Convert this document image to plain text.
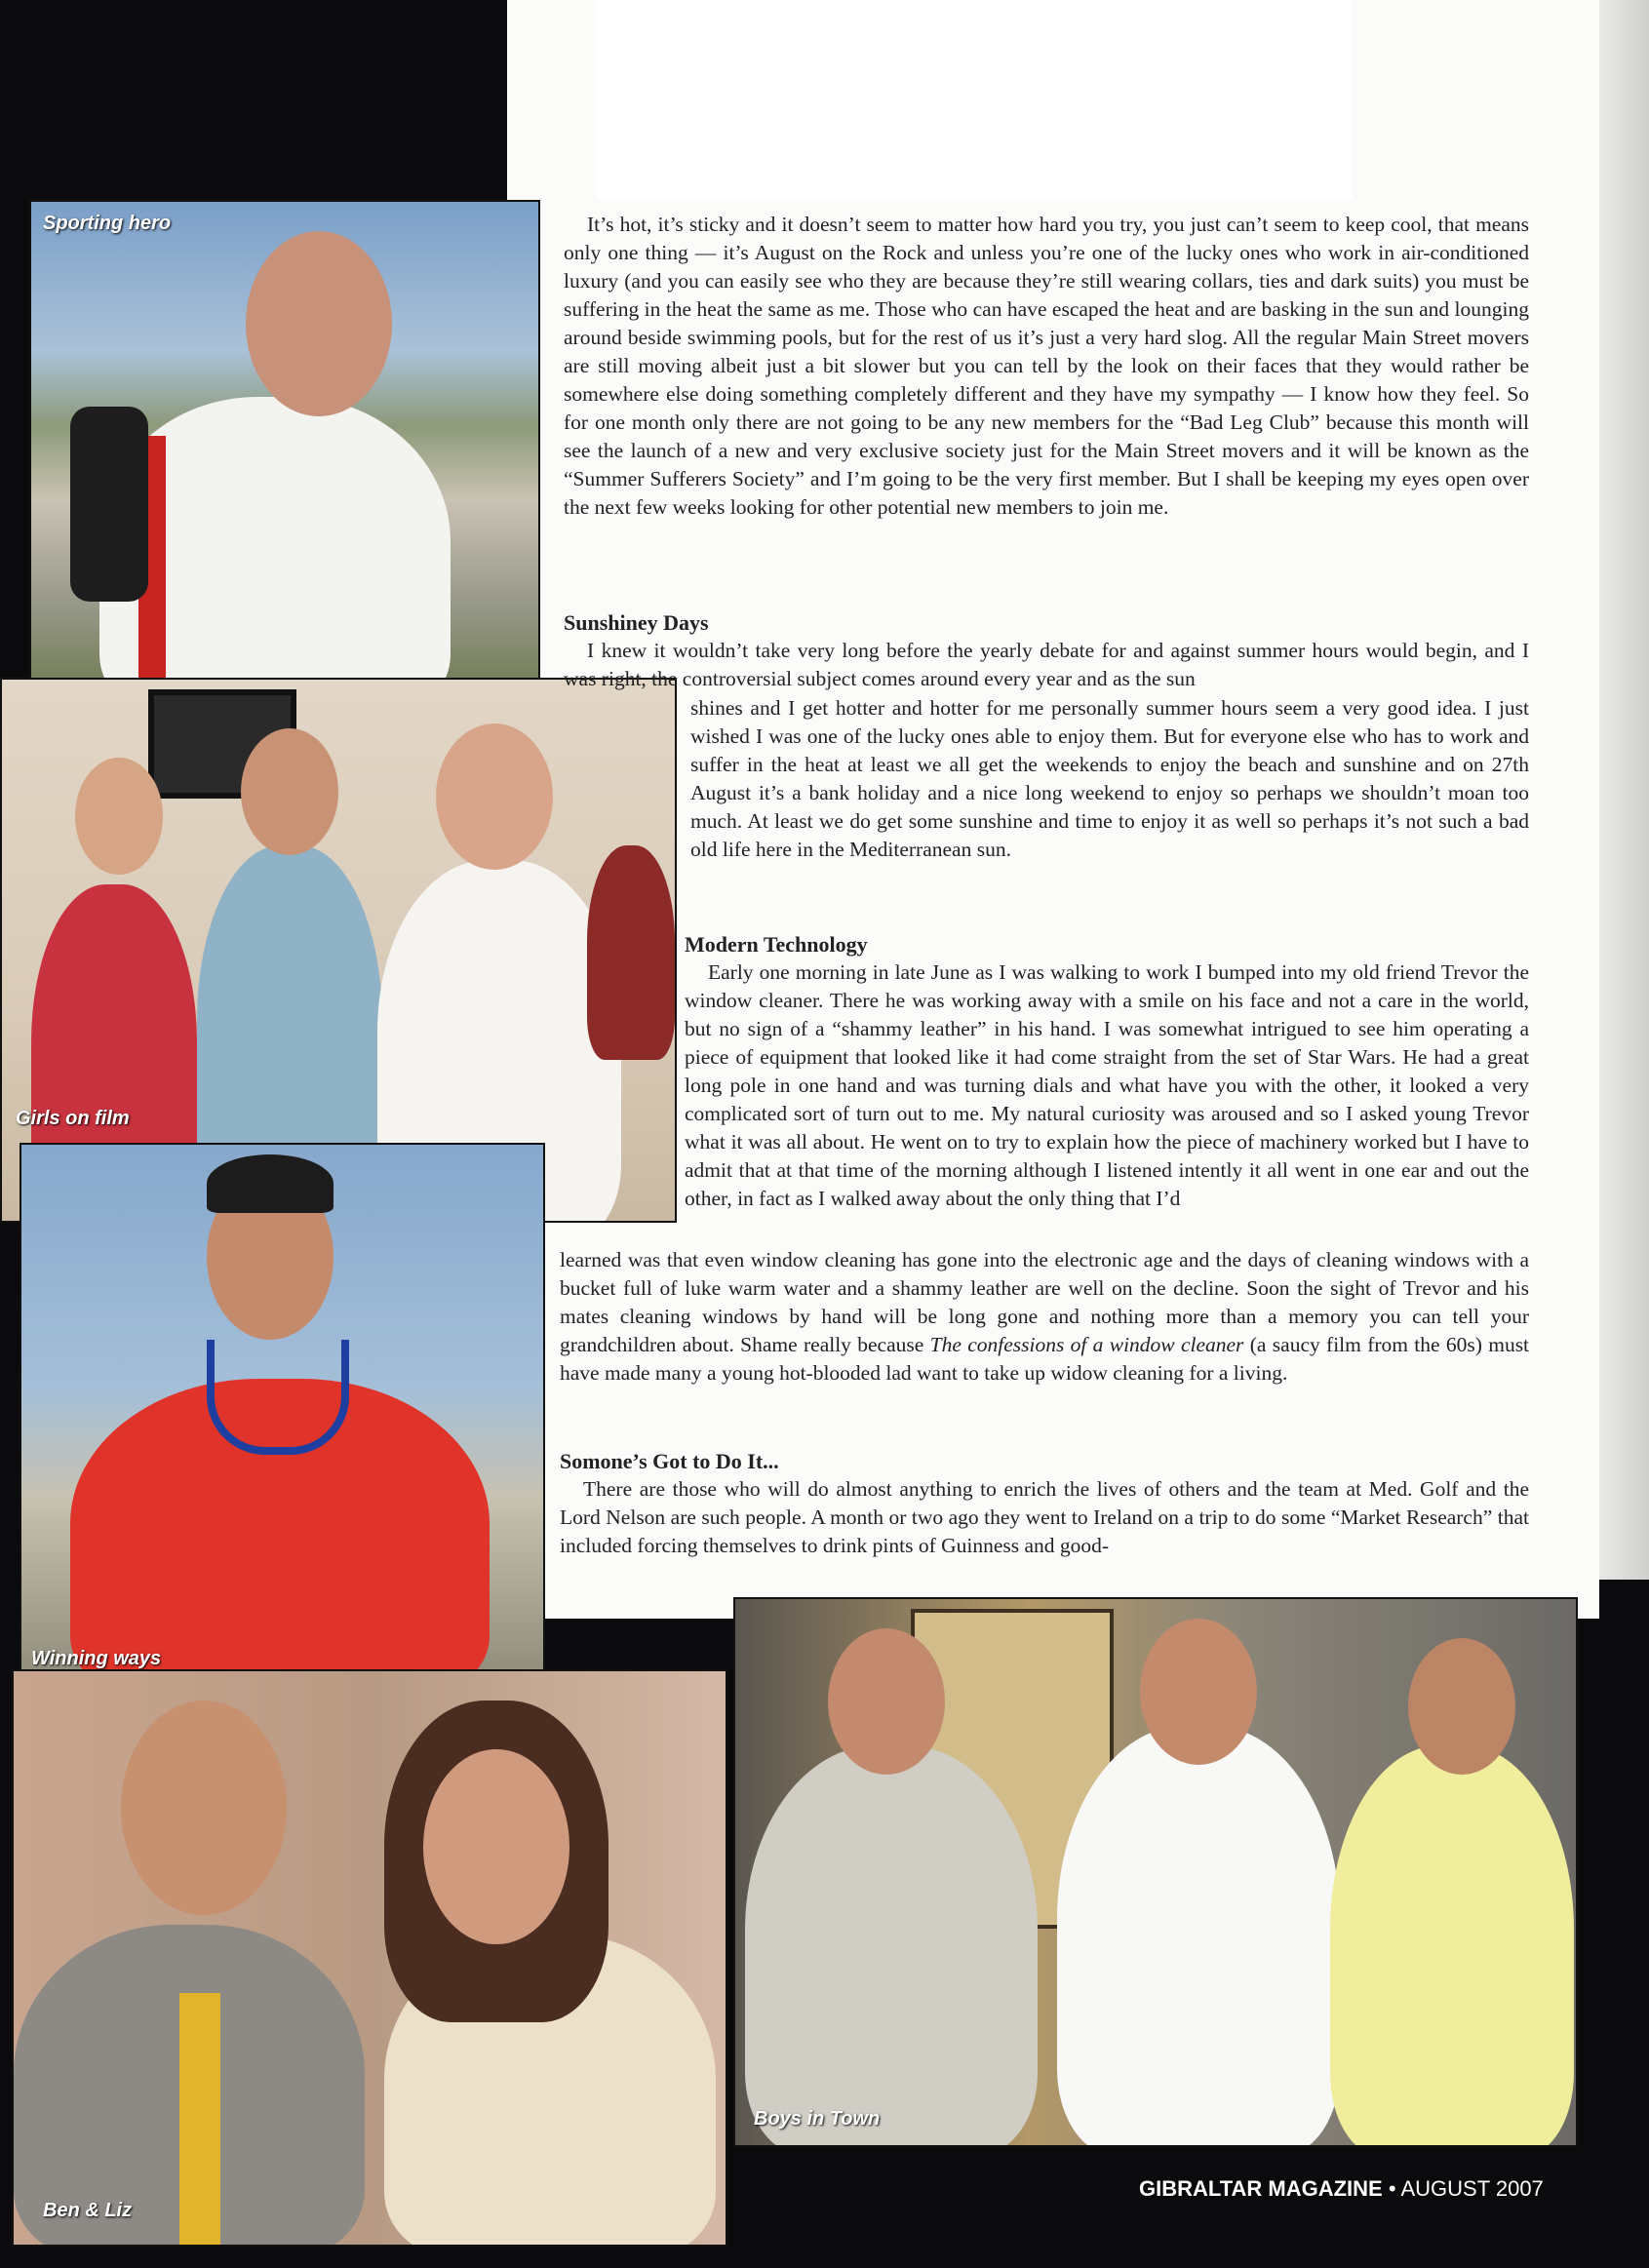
Sporting hero
Girls on film
Winning ways
Ben & Liz
Boys in Town

It’s hot, it’s sticky and it doesn’t seem to matter how hard you try, you just can’t seem to keep cool, that means only one thing — it’s August on the Rock and unless you’re one of the lucky ones who work in air-conditioned luxury (and you can easily see who they are because they’re still wearing collars, ties and dark suits) you must be suffering in the heat the same as me. Those who can have escaped the heat and are basking in the sun and lounging around beside swimming pools, but for the rest of us it’s just a very hard slog. All the regular Main Street movers are still moving albeit just a bit slower but you can tell by the look on their faces that they would rather be somewhere else doing something completely different and they have my sympathy — I know how they feel. So for one month only there are not going to be any new members for the “Bad Leg Club” because this month will see the launch of a new and very exclusive society just for the Main Street movers and it will be known as the “Summer Sufferers Society” and I’m going to be the very first member. But I shall be keeping my eyes open over the next few weeks looking for other potential new members to join me.

Sunshiney Days

I knew it wouldn’t take very long before the yearly debate for and against summer hours would begin, and I was right, the controversial subject comes around every year and as the sun

shines and I get hotter and hotter for me personally summer hours seem a very good idea. I just wished I was one of the lucky ones able to enjoy them. But for everyone else who has to work and suffer in the heat at least we all get the weekends to enjoy the beach and sunshine and on 27th August it’s a bank holiday and a nice long weekend to enjoy so perhaps we shouldn’t moan too much. At least we do get some sunshine and time to enjoy it as well so perhaps it’s not such a bad old life here in the Mediterranean sun.

Modern Technology

Early one morning in late June as I was walking to work I bumped into my old friend Trevor the window cleaner. There he was working away with a smile on his face and not a care in the world, but no sign of a “shammy leather” in his hand. I was somewhat intrigued to see him operating a piece of equipment that looked like it had come straight from the set of Star Wars. He had a great long pole in one hand and was turning dials and what have you with the other, it looked a very complicated sort of turn out to me. My natural curiosity was aroused and so I asked young Trevor what it was all about. He went on to try to explain how the piece of machinery worked but I have to admit that at that time of the morning although I listened intently it all went in one ear and out the other, in fact as I walked away about the only thing that I’d

learned was that even window cleaning has gone into the electronic age and the days of cleaning windows with a bucket full of luke warm water and a shammy leather are well on the decline. Soon the sight of Trevor and his mates cleaning windows by hand will be long gone and nothing more than a memory you can tell your grandchildren about. Shame really because The confessions of a window cleaner (a saucy film from the 60s) must have made many a young hot-blooded lad want to take up widow cleaning for a living.

Somone’s Got to Do It...

There are those who will do almost anything to enrich the lives of others and the team at Med. Golf and the Lord Nelson are such people. A month or two ago they went to Ireland on a trip to do some “Market Research” that included forcing themselves to drink pints of Guinness and good-

GIBRALTAR MAGAZINE • AUGUST 2007
